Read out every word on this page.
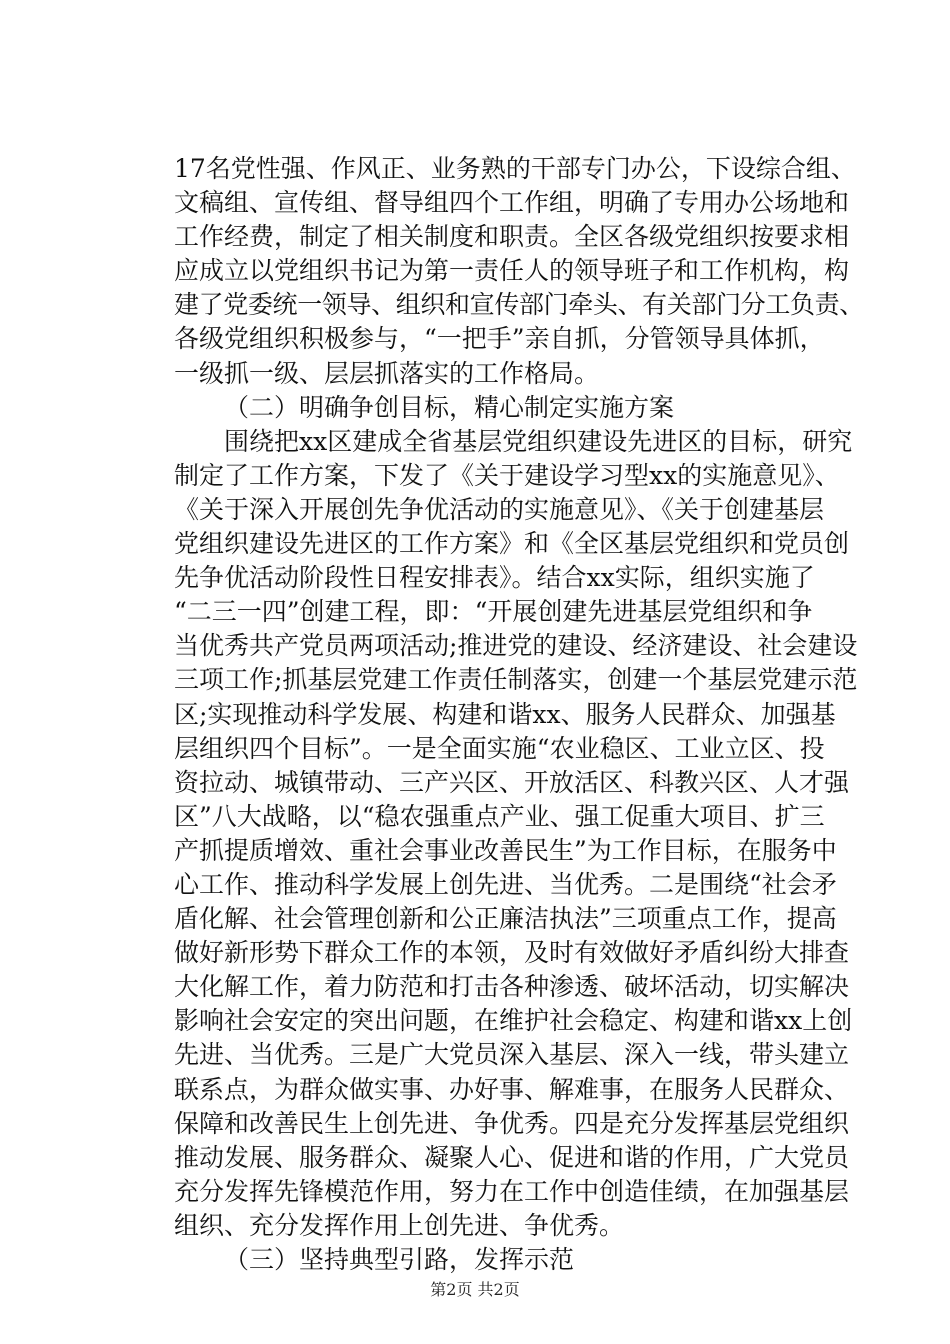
17名党性强、作风正、业务熟的干部专门办公，下设综合组、
文稿组、宣传组、督导组四个工作组，明确了专用办公场地和
工作经费，制定了相关制度和职责。全区各级党组织按要求相
应成立以党组织书记为第一责任人的领导班子和工作机构，构
建了党委统一领导、组织和宣传部门牵头、有关部门分工负责、
各级党组织积极参与，“一把手”亲自抓，分管领导具体抓，
一级抓一级、层层抓落实的工作格局。
（二）明确争创目标，精心制定实施方案
围绕把xx区建成全省基层党组织建设先进区的目标，研究
制定了工作方案，下发了《关于建设学习型xx的实施意见》、
《关于深入开展创先争优活动的实施意见》、《关于创建基层
党组织建设先进区的工作方案》和《全区基层党组织和党员创
先争优活动阶段性日程安排表》。结合xx实际，组织实施了
“二三一四”创建工程，即：“开展创建先进基层党组织和争
当优秀共产党员两项活动;推进党的建设、经济建设、社会建设
三项工作;抓基层党建工作责任制落实，创建一个基层党建示范
区;实现推动科学发展、构建和谐xx、服务人民群众、加强基
层组织四个目标”。一是全面实施“农业稳区、工业立区、投
资拉动、城镇带动、三产兴区、开放活区、科教兴区、人才强
区”八大战略，以“稳农强重点产业、强工促重大项目、扩三
产抓提质增效、重社会事业改善民生”为工作目标，在服务中
心工作、推动科学发展上创先进、当优秀。二是围绕“社会矛
盾化解、社会管理创新和公正廉洁执法”三项重点工作，提高
做好新形势下群众工作的本领，及时有效做好矛盾纠纷大排查
大化解工作，着力防范和打击各种渗透、破坏活动，切实解决
影响社会安定的突出问题，在维护社会稳定、构建和谐xx上创
先进、当优秀。三是广大党员深入基层、深入一线，带头建立
联系点，为群众做实事、办好事、解难事，在服务人民群众、
保障和改善民生上创先进、争优秀。四是充分发挥基层党组织
推动发展、服务群众、凝聚人心、促进和谐的作用，广大党员
充分发挥先锋模范作用，努力在工作中创造佳绩，在加强基层
组织、充分发挥作用上创先进、争优秀。
（三）坚持典型引路，发挥示范
第2页 共2页
